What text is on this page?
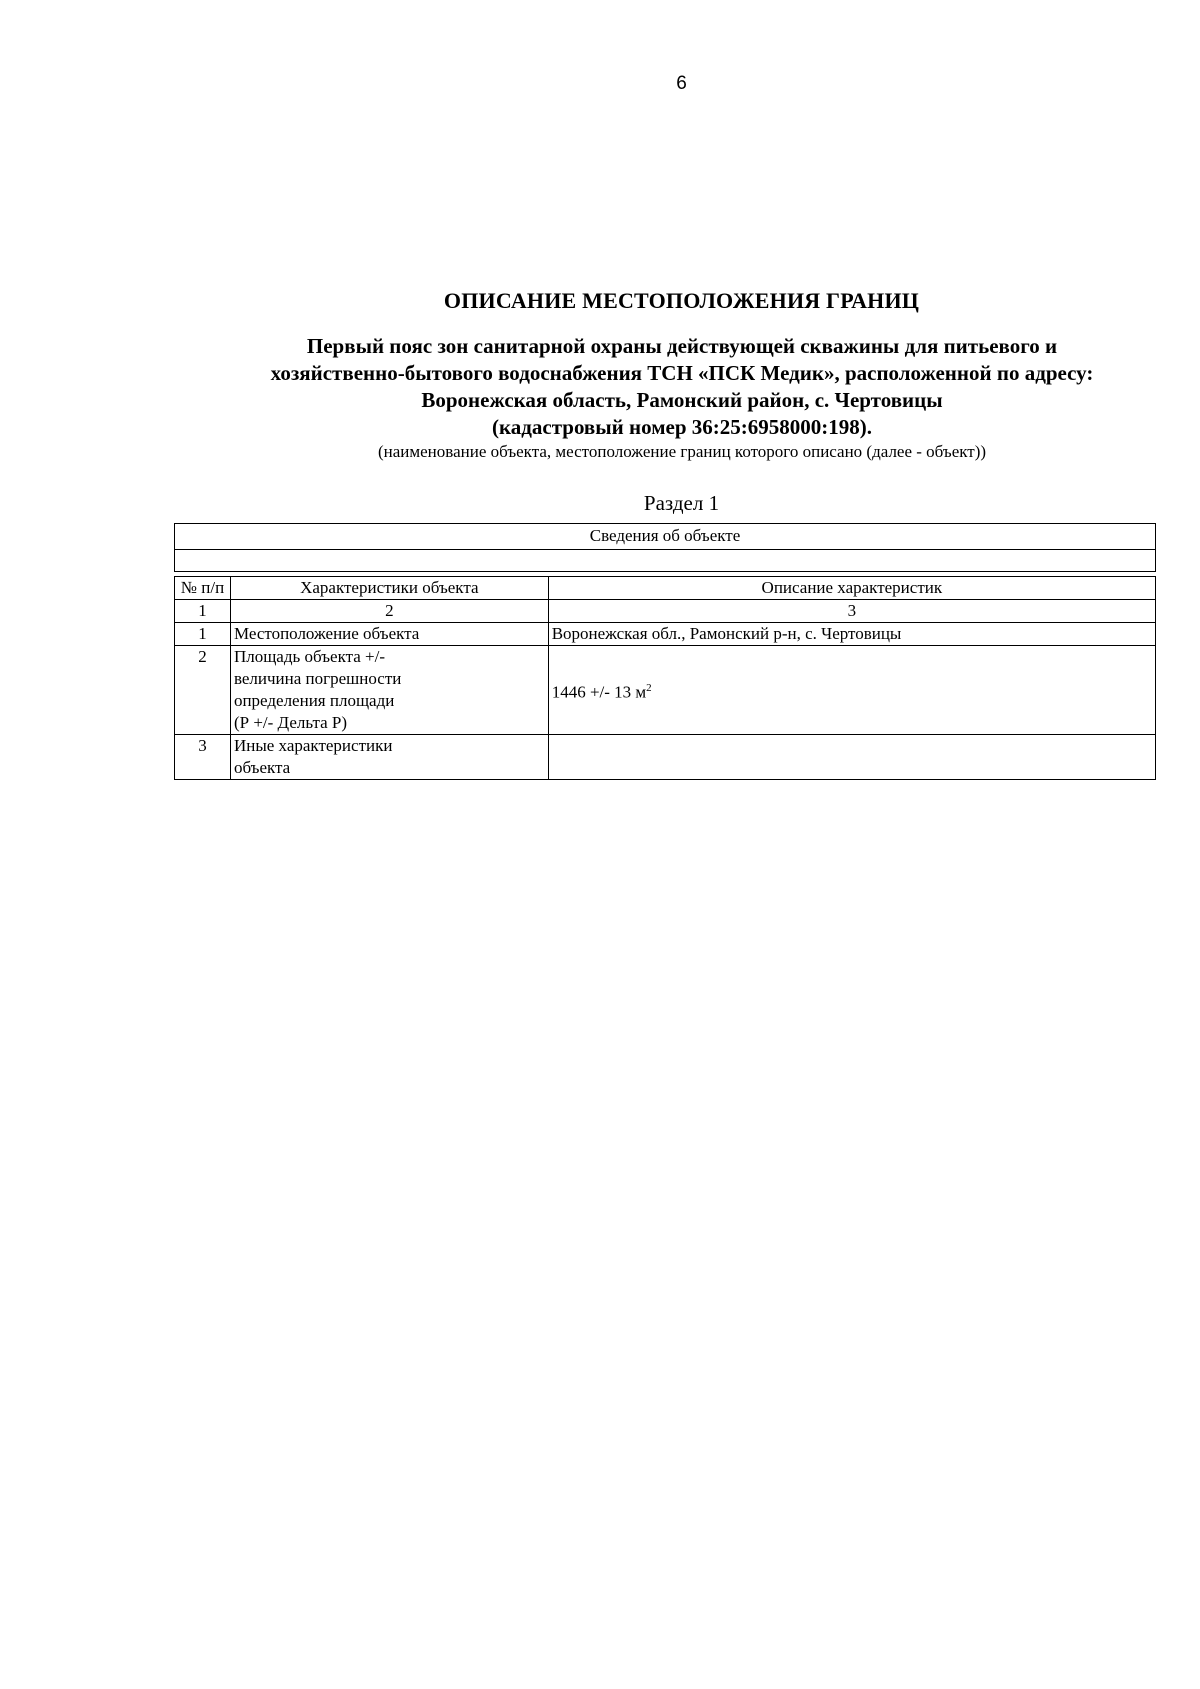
6
ОПИСАНИЕ МЕСТОПОЛОЖЕНИЯ ГРАНИЦ
Первый пояс зон санитарной охраны действующей скважины для питьевого и
хозяйственно-бытового водоснабжения ТСН «ПСК Медик», расположенной по адресу:
Воронежская область, Рамонский район, с. Чертовицы
(кадастровый номер 36:25:6958000:198).
(наименование объекта, местоположение границ которого описано (далее - объект))
Раздел 1
Сведения об объекте
№ п/п	Характеристики объекта	Описание характеристик
1	2	3
1	Местоположение объекта	Воронежская обл., Рамонский р-н, с. Чертовицы
2	Площадь объекта +/-
величина погрешности
определения площади
(Р +/- Дельта Р)	1446 +/- 13 $м^2$
3	Иные характеристики
объекта	
